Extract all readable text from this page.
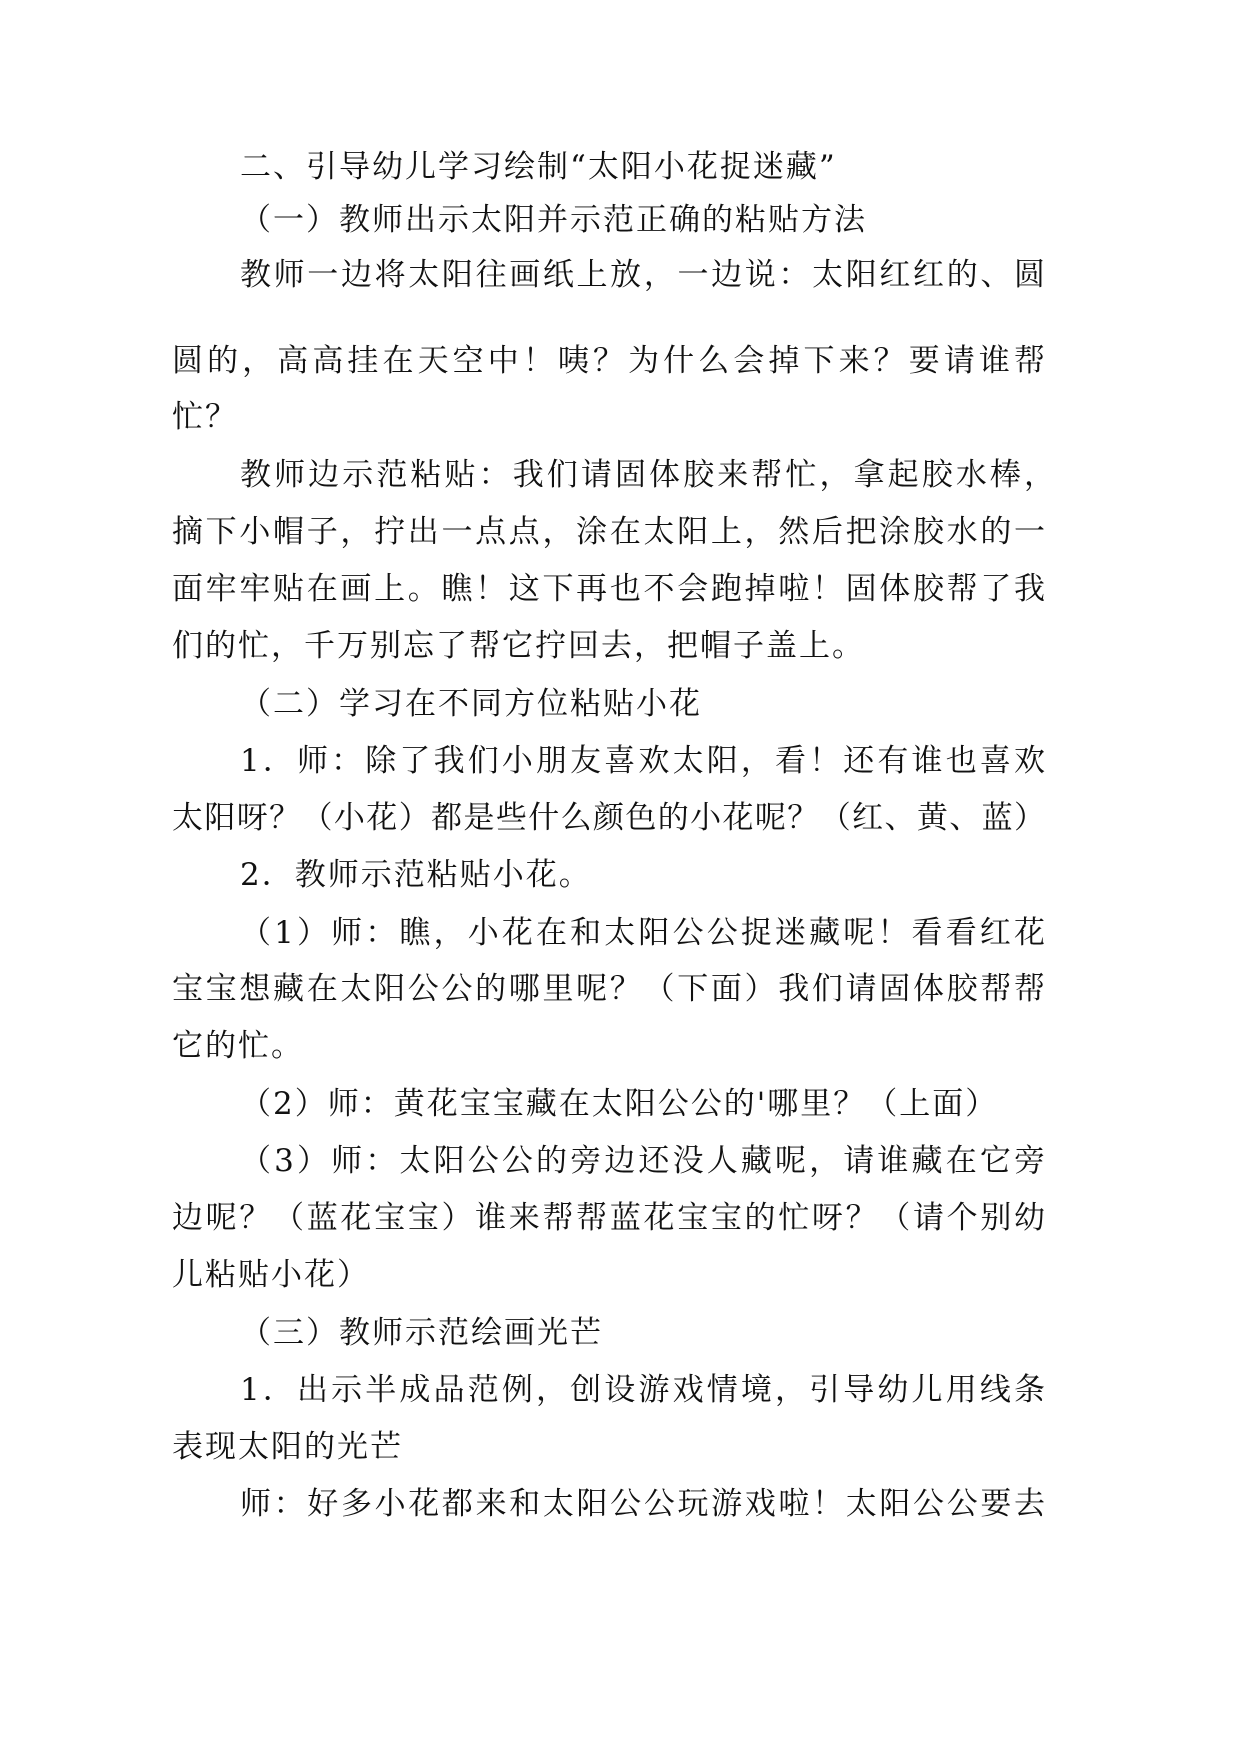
二、引导幼儿学习绘制“太阳小花捉迷藏”
（一）教师出示太阳并示范正确的粘贴方法
教师一边将太阳往画纸上放，一边说：太阳红红的、圆
圆的，高高挂在天空中！咦？为什么会掉下来？要请谁帮
忙？
教师边示范粘贴：我们请固体胶来帮忙，拿起胶水棒，
摘下小帽子，拧出一点点，涂在太阳上，然后把涂胶水的一
面牢牢贴在画上。瞧！这下再也不会跑掉啦！固体胶帮了我
们的忙，千万别忘了帮它拧回去，把帽子盖上。
（二）学习在不同方位粘贴小花
1．师：除了我们小朋友喜欢太阳，看！还有谁也喜欢
太阳呀？（小花）都是些什么颜色的小花呢？（红、黄、蓝）
2．教师示范粘贴小花。
（1）师：瞧，小花在和太阳公公捉迷藏呢！看看红花
宝宝想藏在太阳公公的哪里呢？（下面）我们请固体胶帮帮
它的忙。
（2）师：黄花宝宝藏在太阳公公的'哪里？（上面）
（3）师：太阳公公的旁边还没人藏呢，请谁藏在它旁
边呢？（蓝花宝宝）谁来帮帮蓝花宝宝的忙呀？（请个别幼
儿粘贴小花）
（三）教师示范绘画光芒
1．出示半成品范例，创设游戏情境，引导幼儿用线条
表现太阳的光芒
师：好多小花都来和太阳公公玩游戏啦！太阳公公要去
